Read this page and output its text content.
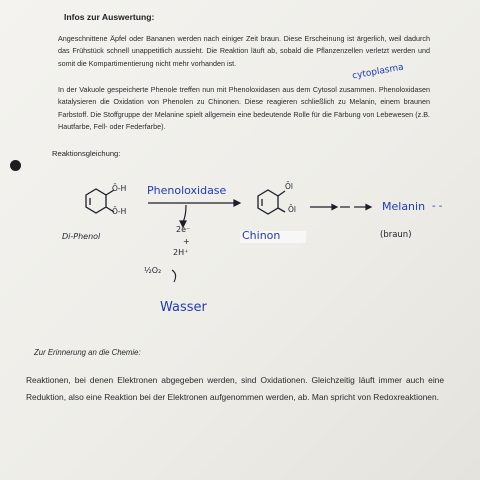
Infos zur Auswertung:

Angeschnittene Äpfel oder Bananen werden nach einiger Zeit braun. Diese Erscheinung ist ärgerlich, weil dadurch das Frühstück schnell unappetitlich aussieht. Die Reaktion läuft ab, sobald die Pflanzenzellen verletzt werden und somit die Kompartimentierung nicht mehr vorhanden ist.

In der Vakuole gespeicherte Phenole treffen nun mit Phenoloxidasen aus dem Cytosol zusammen. Phenoloxidasen katalysieren die Oxidation von Phenolen zu Chinonen. Diese reagieren schließlich zu Melanin, einem braunen Farbstoff. Die Stoffgruppe der Melanine spielt allgemein eine bedeutende Rolle für die Färbung von Lebewesen (z.B. Hautfarbe, Fell- oder Federfarbe).

cytoplasma
Reaktionsgleichung:
Ō-H
Ō-H
Di-Phenol
Phenoloxidase
2e⁻
+
2H⁺
½O₂
Wasser
Ōl
Ōl
Chinon
Melanin - -
(braun)
Zur Erinnerung an die Chemie:

Reaktionen, bei denen Elektronen abgegeben werden, sind Oxidationen. Gleichzeitig läuft immer auch eine Reduktion, also eine Reaktion bei der Elektronen aufgenommen werden, ab. Man spricht von Redoxreaktionen.
